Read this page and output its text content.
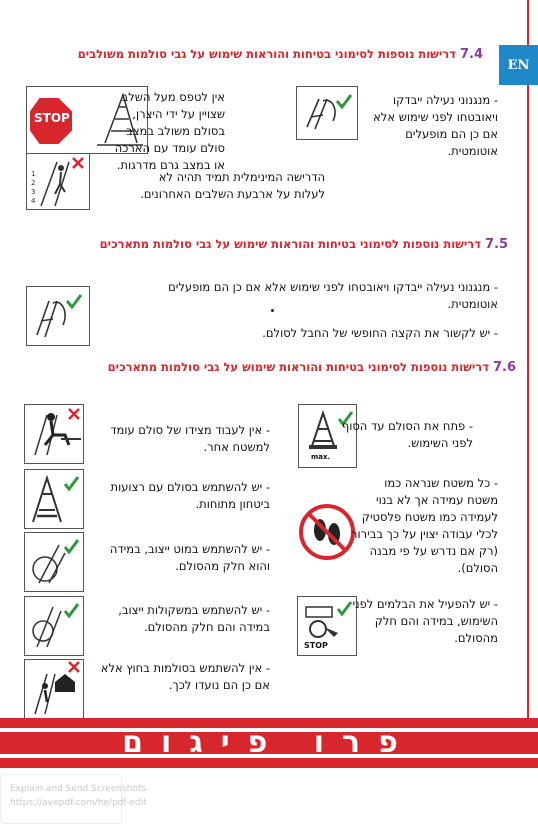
EN
7.4 דרישות נוספות לסימוני בטיחות והוראות שימוש על גבי סולמות משולבים
- מנגנוני נעילה ייבדקו
ויאובטחו לפני שימוש אלא
אם כן הם מופעלים
אוטומטית.
STOP
אין לטפס מעל השלב
שצויין על ידי היצרן,
בסולם משולב במצב
סולם עומד עם הארכה
או במצב גרם מדרגות.
1
2
3
4
הדרישה המינימלית תמיד תהיה לא
לעלות על ארבעת השלבים האחרונים.
7.5 דרישות נוספות לסימוני בטיחות והוראות שימוש על גבי סולמות מתארכים
- מנגנוני נעילה ייבדקו ויאובטחו לפני שימוש אלא אם כן הם מופעלים
אוטומטית.
- יש לקשור את הקצה החופשי של החבל לסולם.
7.6 דרישות נוספות לסימוני בטיחות והוראות שימוש על גבי סולמות מתארכים
max.
- פתח את הסולם עד הסוף
לפני השימוש.
- כל משטח שנראה כמו
משטח עמידה אך לא בנוי
לעמידה כמו משטח פלסטיק
לכלי עבודה יצוין על כך בבירור
(רק אם נדרש על פי מבנה
הסולם).
STOP
- יש להפעיל את הבלמים לפני
השימוש, במידה והם חלק
מהסולם.
- אין לעבוד מצידו של סולם עומד
למשטח אחר.
- יש להשתמש בסולם עם רצועות
ביטחון מתוחות.
- יש להשתמש במוט ייצוב, במידה
והוא חלק מהסולם.
- יש להשתמש במשקולות ייצוב,
במידה והם חלק מהסולם.
- אין להשתמש בסולמות בחוץ אלא
אם כן הם נועדו לכך.
פרו פיגום
Explain and Send Screenshots
https://avepdf.com/he/pdf-edit
